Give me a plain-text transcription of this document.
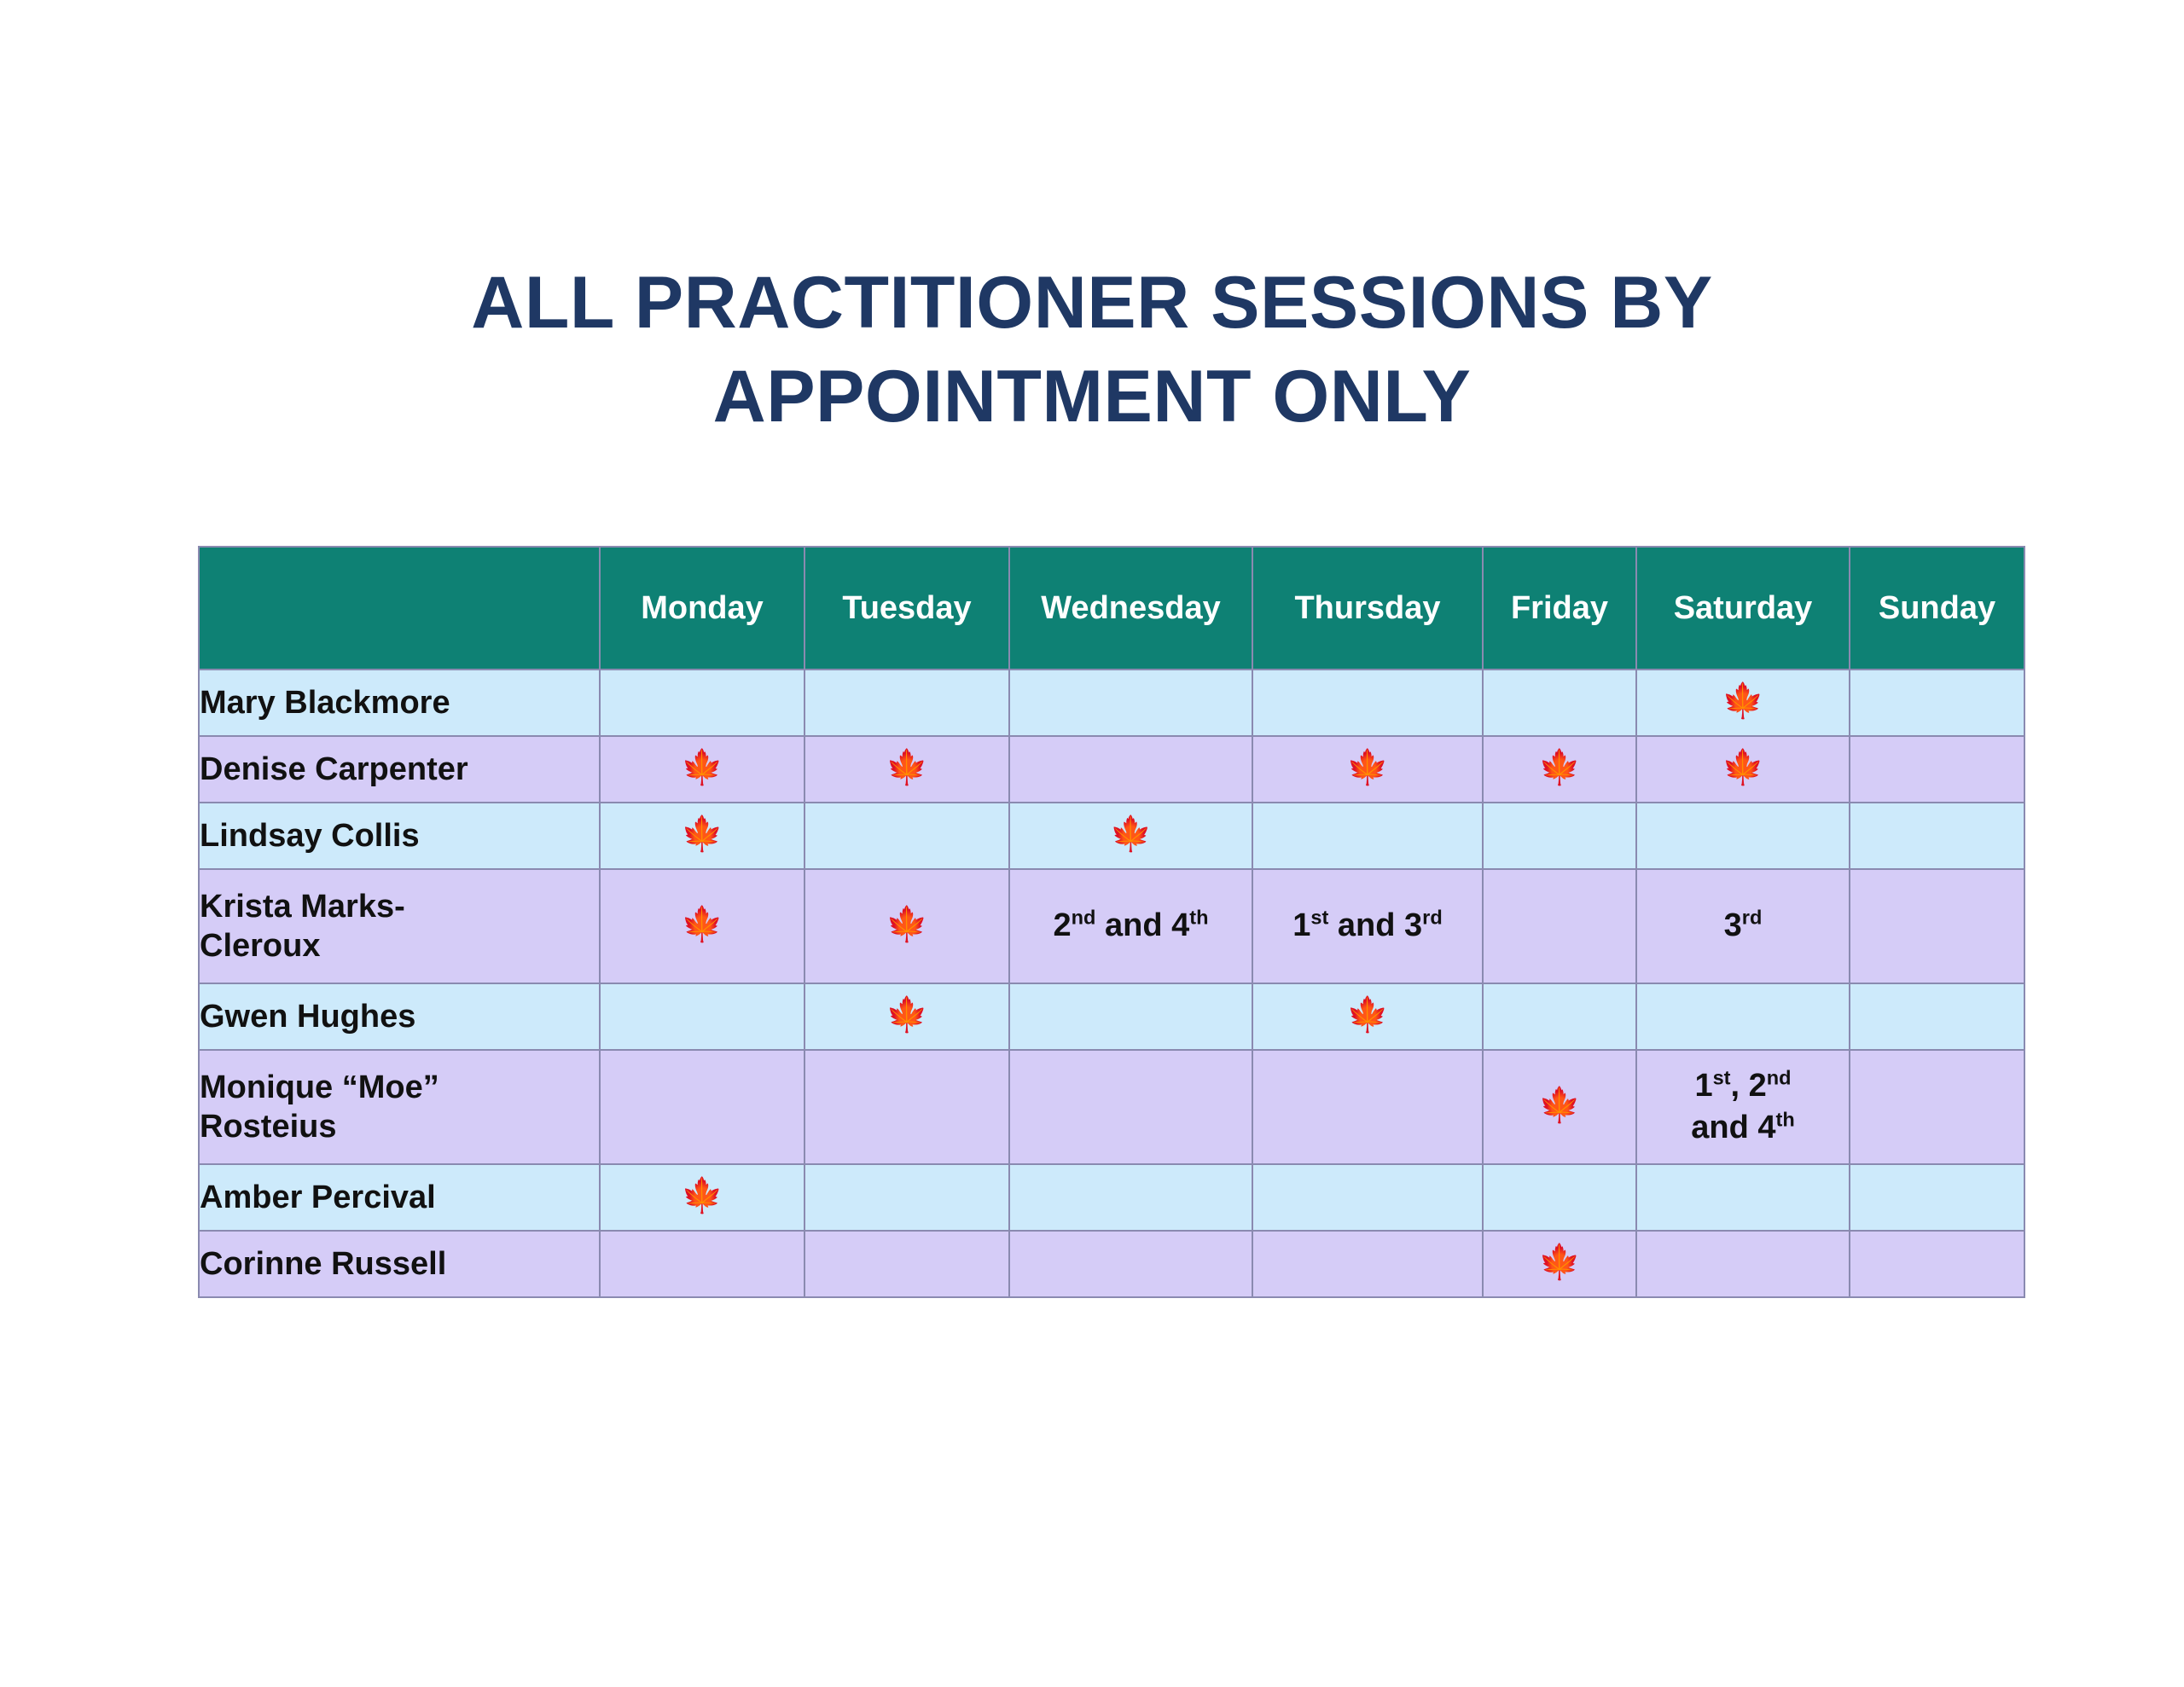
ALL PRACTITIONER SESSIONS BY
APPOINTMENT ONLY
	Monday	Tuesday	Wednesday	Thursday	Friday	Saturday	Sunday
Mary Blackmore						🍁	
Denise Carpenter	🍁	🍁		🍁	🍁	🍁	
Lindsay Collis	🍁		🍁				
Krista Marks-
Cleroux	🍁	🍁	2nd and 4th	1st and 3rd		3rd	
Gwen Hughes		🍁		🍁			
Monique “Moe”
Rosteius					🍁	1st, 2nd
and 4th	
Amber Percival	🍁						
Corinne Russell					🍁		
